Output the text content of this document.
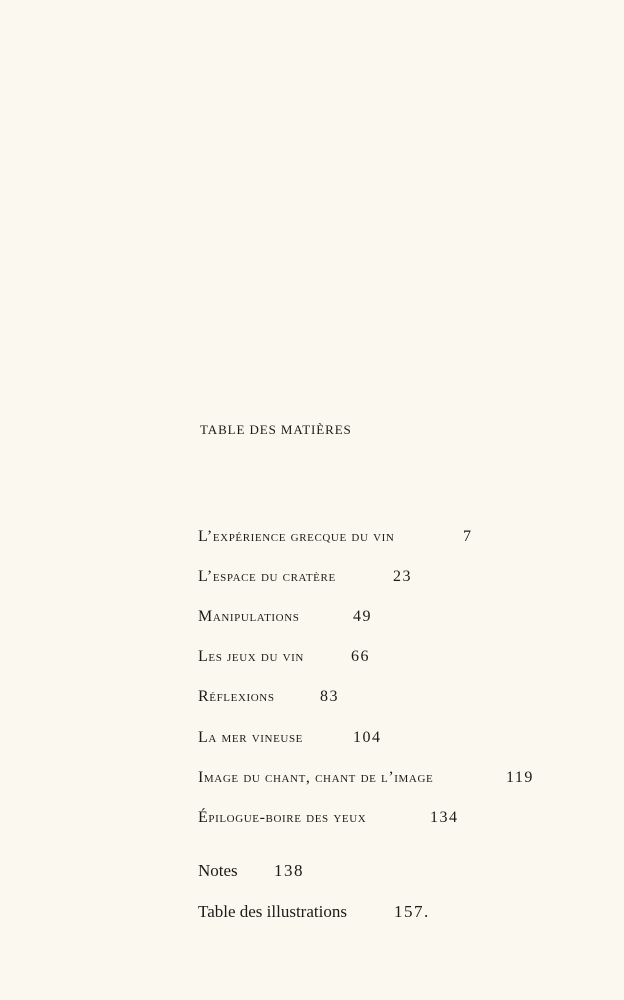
TABLE DES MATIÈRES
L’expérience grecque du vin	7
L’espace du cratère	23
Manipulations	49
Les jeux du vin	66
Réflexions	83
La mer vineuse	104
Image du chant, chant de l’image	119
Épilogue-boire des yeux	134
Notes 138
Table des illustrations	157.
